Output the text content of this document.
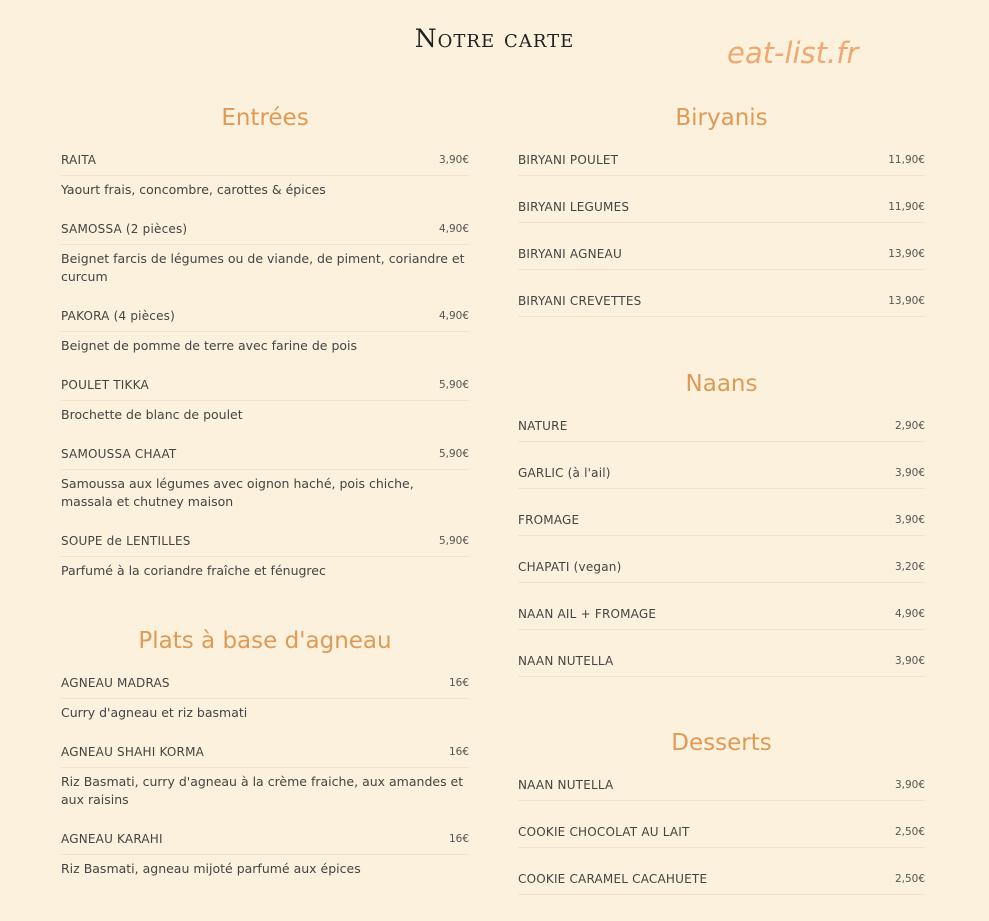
Notre carte	eat-list.fr
Entrées
RAITA	3,90€
Yaourt frais, concombre, carottes & épices
SAMOSSA (2 pièces)	4,90€
Beignet farcis de légumes ou de viande, de piment, coriandre et curcum
PAKORA (4 pièces)	4,90€
Beignet de pomme de terre avec farine de pois
POULET TIKKA	5,90€
Brochette de blanc de poulet
SAMOUSSA CHAAT	5,90€
Samoussa aux légumes avec oignon haché, pois chiche, massala et chutney maison
SOUPE de LENTILLES	5,90€
Parfumé à la coriandre fraîche et fénugrec
Plats à base d'agneau
AGNEAU MADRAS	16€
Curry d'agneau et riz basmati
AGNEAU SHAHI KORMA	16€
Riz Basmati, curry d'agneau à la crème fraiche, aux amandes et aux raisins
AGNEAU KARAHI	16€
Riz Basmati, agneau mijoté parfumé aux épices
Biryanis
BIRYANI POULET	11,90€
BIRYANI LEGUMES	11,90€
BIRYANI AGNEAU	13,90€
BIRYANI CREVETTES	13,90€
Naans
NATURE	2,90€
GARLIC (à l'ail)	3,90€
FROMAGE	3,90€
CHAPATI (vegan)	3,20€
NAAN AIL + FROMAGE	4,90€
NAAN NUTELLA	3,90€
Desserts
NAAN NUTELLA	3,90€
COOKIE CHOCOLAT AU LAIT	2,50€
COOKIE CARAMEL CACAHUETE	2,50€
